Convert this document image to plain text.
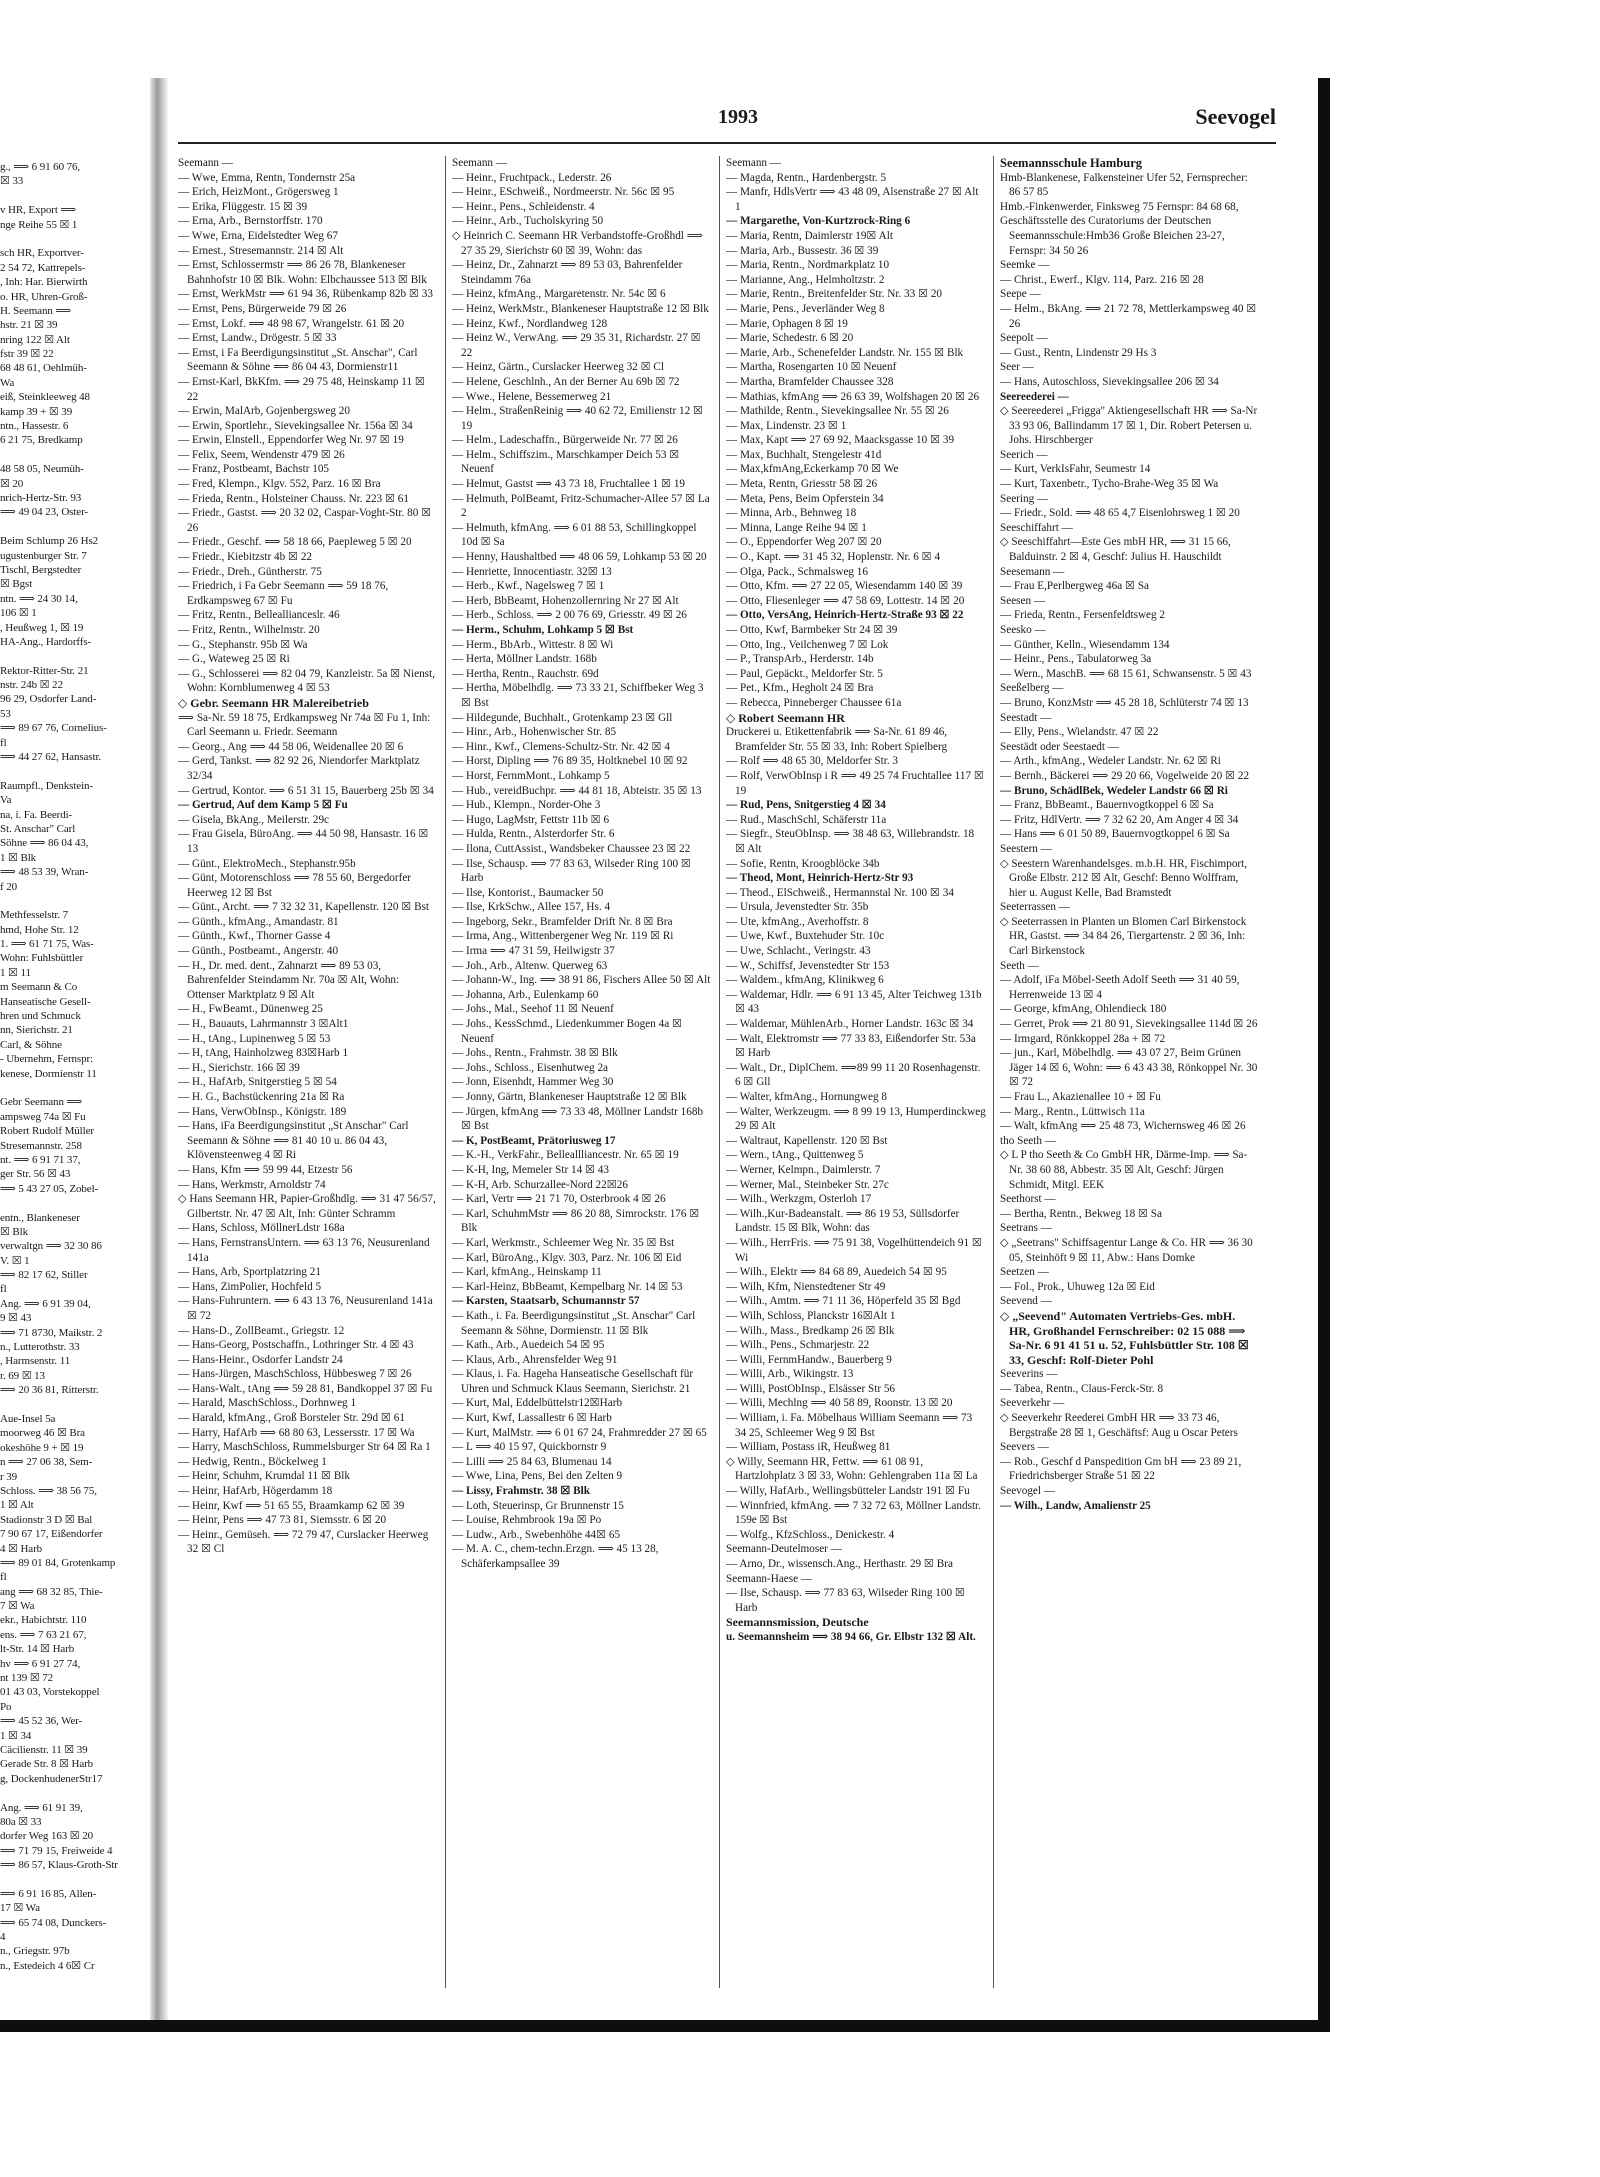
g., ⟹ 6 91 60 76,
☒ 33
v HR, Export ⟹
nge Reihe 55 ☒ 1
sch HR, Exportver-
2 54 72, Kattrepels-
, Inh: Har. Bierwirth
o. HR, Uhren-Groß-
H. Seemann ⟹
hstr. 21 ☒ 39
nring 122 ☒ Alt
fstr 39 ☒ 22
68 48 61, Oehlmüh-
Wa
eiß, Steinkleeweg 48
kamp 39 + ☒ 39
ntn., Hassestr. 6
6 21 75, Bredkamp
48 58 05, Neumüh-
☒ 20
nrich-Hertz-Str. 93
⟹ 49 04 23, Oster-
Beim Schlump 26 Hs2
ugustenburger Str. 7
Tischl, Bergstedter
☒ Bgst
ntn. ⟹ 24 30 14,
106 ☒ 1
, Heußweg 1, ☒ 19
HA-Ang., Hardorffs-
Rektor-Ritter-Str. 21
nstr. 24b ☒ 22
96 29, Osdorfer Land-
53
⟹ 89 67 76, Cornelius-
fl
⟹ 44 27 62, Hansastr.
Raumpfl., Denkstein-
Va
na, i. Fa. Beerdi-
St. Anschar" Carl
Söhne ⟹ 86 04 43,
1 ☒ Blk
⟹ 48 53 39, Wran-
f 20
Methfesselstr. 7
hmd, Hohe Str. 12
1. ⟹ 61 71 75, Was-
Wohn: Fuhlsbüttler
1 ☒ 11
m Seemann & Co
Hanseatische Gesell-
hren und Schmuck
nn, Sierichstr. 21
Carl, & Söhne
- Ubernehm, Fernspr:
kenese, Dormienstr 11
Gebr Seemann ⟹
ampsweg 74a ☒ Fu
Robert Rudolf Müller
Stresemannstr. 258
nt. ⟹ 6 91 71 37,
ger Str. 56 ☒ 43
⟹ 5 43 27 05, Zobel-
entn., Blankeneser
☒ Blk
verwaltgn ⟹ 32 30 86
V. ☒ 1
⟹ 82 17 62, Stiller
fl
Ang. ⟹ 6 91 39 04,
9 ☒ 43
⟹ 71 8730, Maikstr. 2
n., Lutterothstr. 33
, Harmsenstr. 11
r. 69 ☒ 13
⟹ 20 36 81, Ritterstr.
Aue-Insel 5a
moorweg 46 ☒ Bra
okeshöhe 9 + ☒ 19
n ⟹ 27 06 38, Sem-
r 39
Schloss. ⟹ 38 56 75,
1 ☒ Alt
Stadionstr 3 D ☒ Bal
7 90 67 17, Eißendorfer
4 ☒ Harb
⟹ 89 01 84, Grotenkamp
fl
ang ⟹ 68 32 85, Thie-
7 ☒ Wa
ekr., Habichtstr. 110
ens. ⟹ 7 63 21 67,
lt-Str. 14 ☒ Harb
hv ⟹ 6 91 27 74,
nt 139 ☒ 72
01 43 03, Vorstekoppel
Po
⟹ 45 52 36, Wer-
1 ☒ 34
Cäcilienstr. 11 ☒ 39
Gerade Str. 8 ☒ Harb
g, DockenhudenerStr17
Ang. ⟹ 61 91 39,
80a ☒ 33
dorfer Weg 163 ☒ 20
⟹ 71 79 15, Freiweide 4
⟹ 86 57, Klaus-Groth-Str
⟹ 6 91 16 85, Allen-
17 ☒ Wa
⟹ 65 74 08, Dunckers-
4
n., Griegstr. 97b
n., Estedeich 4 6☒ Cr
1993	Seevogel
Seemann —
— Wwe, Emma, Rentn, Tondernstr 25a
— Erich, HeizMont., Grögersweg 1
— Erika, Flüggestr. 15 ☒ 39
— Erna, Arb., Bernstorffstr. 170
— Wwe, Erna, Eidelstedter Weg 67
— Ernest., Stresemannstr. 214 ☒ Alt
— Ernst, Schlossermstr ⟹ 86 26 78, Blankeneser Bahnhofstr 10 ☒ Blk. Wohn: Elbchaussee 513 ☒ Blk
— Ernst, WerkMstr ⟹ 61 94 36, Rübenkamp 82b ☒ 33
— Ernst, Pens, Bürgerweide 79 ☒ 26
— Ernst, Lokf. ⟹ 48 98 67, Wrangelstr. 61 ☒ 20
— Ernst, Landw., Drögestr. 5 ☒ 33
— Ernst, i Fa Beerdigungsinstitut „St. Anschar", Carl Seemann & Söhne ⟹ 86 04 43, Dormienstr11
— Ernst-Karl, BkKfm. ⟹ 29 75 48, Heinskamp 11 ☒ 22
— Erwin, MalArb, Gojenbergsweg 20
— Erwin, Sportlehr., Sievekingsallee Nr. 156a ☒ 34
— Erwin, Elnstell., Eppendorfer Weg Nr. 97 ☒ 19
— Felix, Seem, Wendenstr 479 ☒ 26
— Franz, Postbeamt, Bachstr 105
— Fred, Klempn., Klgv. 552, Parz. 16 ☒ Bra
— Frieda, Rentn., Holsteiner Chauss. Nr. 223 ☒ 61
— Friedr., Gastst. ⟹ 20 32 02, Caspar-Voght-Str. 80 ☒ 26
— Friedr., Geschf. ⟹ 58 18 66, Paepleweg 5 ☒ 20
— Friedr., Kiebitzstr 4b ☒ 22
— Friedr., Dreh., Güntherstr. 75
— Friedrich, i Fa Gebr Seemann ⟹ 59 18 76, Erdkampsweg 67 ☒ Fu
— Fritz, Rentn., Belleallianceslr. 46
— Fritz, Rentn., Wilhelmstr. 20
— G., Stephanstr. 95b ☒ Wa
— G., Wateweg 25 ☒ Ri
— G., Schlosserei ⟹ 82 04 79, Kanzleistr. 5a ☒ Nienst, Wohn: Kornblumenweg 4 ☒ 53
◇ Gebr. Seemann HR Malereibetrieb
⟹ Sa-Nr. 59 18 75, Erdkampsweg Nr 74a ☒ Fu 1, Inh: Carl Seemann u. Friedr. Seemann
— Georg., Ang ⟹ 44 58 06, Weidenallee 20 ☒ 6
— Gerd, Tankst. ⟹ 82 92 26, Niendorfer Marktplatz 32/34
— Gertrud, Kontor. ⟹ 6 51 31 15, Bauerberg 25b ☒ 34
— Gertrud, Auf dem Kamp 5 ☒ Fu
— Gisela, BkAng., Meilerstr. 29c
— Frau Gisela, BüroAng. ⟹ 44 50 98, Hansastr. 16 ☒ 13
— Günt., ElektroMech., Stephanstr.95b
— Günt, Motorenschloss ⟹ 78 55 60, Bergedorfer Heerweg 12 ☒ Bst
— Günt., Archt. ⟹ 7 32 32 31, Kapellenstr. 120 ☒ Bst
— Günth., kfmAng., Amandastr. 81
— Günth., Kwf., Thorner Gasse 4
— Günth., Postbeamt., Angerstr. 40
— H., Dr. med. dent., Zahnarzt ⟹ 89 53 03, Bahrenfelder Steindamm Nr. 70a ☒ Alt, Wohn: Ottenser Marktplatz 9 ☒ Alt
— H., FwBeamt., Dünenweg 25
— H., Bauauts, Lahrmannstr 3 ☒Alt1
— H., tAng., Lupinenweg 5 ☒ 53
— H, tAng, Hainholzweg 83☒Harb 1
— H., Sierichstr. 166 ☒ 39
— H., HafArb, Snitgerstieg 5 ☒ 54
— H. G., Bachstückenring 21a ☒ Ra
— Hans, VerwObInsp., Königstr. 189
— Hans, iFa Beerdigungsinstitut „St Anschar" Carl Seemann & Söhne ⟹ 81 40 10 u. 86 04 43, Klövensteenweg 4 ☒ Ri
— Hans, Kfm ⟹ 59 99 44, Etzestr 56
— Hans, Werkmstr, Arnoldstr 74
◇ Hans Seemann HR, Papier-Großhdlg. ⟹ 31 47 56/57, Gilbertstr. Nr. 47 ☒ Alt, Inh: Günter Schramm
— Hans, Schloss, MöllnerLdstr 168a
— Hans, FernstransUntern. ⟹ 63 13 76, Neusurenland 141a
— Hans, Arb, Sportplatzring 21
— Hans, ZimPolier, Hochfeld 5
— Hans-Fuhruntern. ⟹ 6 43 13 76, Neusurenland 141a ☒ 72
— Hans-D., ZollBeamt., Griegstr. 12
— Hans-Georg, Postschaffn., Lothringer Str. 4 ☒ 43
— Hans-Heinr., Osdorfer Landstr 24
— Hans-Jürgen, MaschSchloss, Hübbesweg 7 ☒ 26
— Hans-Walt., tAng ⟹ 59 28 81, Bandkoppel 37 ☒ Fu
— Harald, MaschSchloss., Dorhnweg 1
— Harald, kfmAng., Groß Borsteler Str. 29d ☒ 61
— Harry, HafArb ⟹ 68 80 63, Lessersstr. 17 ☒ Wa
— Harry, MaschSchloss, Rummelsburger Str 64 ☒ Ra 1
— Hedwig, Rentn., Böckelweg 1
— Heinr, Schuhm, Krumdal 11 ☒ Blk
— Heinr, HafArb, Högerdamm 18
— Heinr, Kwf ⟹ 51 65 55, Braamkamp 62 ☒ 39
— Heinr, Pens ⟹ 47 73 81, Siemsstr. 6 ☒ 20
— Heinr., Gemüseh. ⟹ 72 79 47, Curslacker Heerweg 32 ☒ Cl
Seemann —
— Heinr., Fruchtpack., Lederstr. 26
— Heinr., ESchweiß., Nordmeerstr. Nr. 56c ☒ 95
— Heinr., Pens., Schleidenstr. 4
— Heinr., Arb., Tucholskyring 50
◇ Heinrich C. Seemann HR Verbandstoffe-Großhdl ⟹ 27 35 29, Sierichstr 60 ☒ 39, Wohn: das
— Heinz, Dr., Zahnarzt ⟹ 89 53 03, Bahrenfelder Steindamm 76a
— Heinz, kfmAng., Margaretenstr. Nr. 54c ☒ 6
— Heinz, WerkMstr., Blankeneser Hauptstraße 12 ☒ Blk
— Heinz, Kwf., Nordlandweg 128
— Heinz W., VerwAng. ⟹ 29 35 31, Richardstr. 27 ☒ 22
— Heinz, Gärtn., Curslacker Heerweg 32 ☒ Cl
— Helene, Geschlnh., An der Berner Au 69b ☒ 72
— Wwe., Helene, Bessemerweg 21
— Helm., StraßenReinig ⟹ 40 62 72, Emilienstr 12 ☒ 19
— Helm., Ladeschaffn., Bürgerweide Nr. 77 ☒ 26
— Helm., Schiffszim., Marschkamper Deich 53 ☒ Neuenf
— Helmut, Gastst ⟹ 43 73 18, Fruchtallee 1 ☒ 19
— Helmuth, PolBeamt, Fritz-Schumacher-Allee 57 ☒ La 2
— Helmuth, kfmAng. ⟹ 6 01 88 53, Schillingkoppel 10d ☒ Sa
— Henny, Haushaltbed ⟹ 48 06 59, Lohkamp 53 ☒ 20
— Henriette, Innocentiastr. 32☒ 13
— Herb., Kwf., Nagelsweg 7 ☒ 1
— Herb, BbBeamt, Hohenzollernring Nr 27 ☒ Alt
— Herb., Schloss. ⟹ 2 00 76 69, Griesstr. 49 ☒ 26
— Herm., Schuhm, Lohkamp 5 ☒ Bst
— Herm., BbArb., Wittestr. 8 ☒ Wi
— Herta, Möllner Landstr. 168b
— Hertha, Rentn., Rauchstr. 69d
— Hertha, Möbelhdlg. ⟹ 73 33 21, Schiffbeker Weg 3 ☒ Bst
— Hildegunde, Buchhalt., Grotenkamp 23 ☒ Gll
— Hinr., Arb., Hohenwischer Str. 85
— Hinr., Kwf., Clemens-Schultz-Str. Nr. 42 ☒ 4
— Horst, Dipling ⟹ 76 89 35, Holtknebel 10 ☒ 92
— Horst, FernmMont., Lohkamp 5
— Hub., vereidBuchpr. ⟹ 44 81 18, Abteistr. 35 ☒ 13
— Hub., Klempn., Norder-Ohe 3
— Hugo, LagMstr, Fettstr 11b ☒ 6
— Hulda, Rentn., Alsterdorfer Str. 6
— Ilona, CuttAssist., Wandsbeker Chaussee 23 ☒ 22
— Ilse, Schausp. ⟹ 77 83 63, Wilseder Ring 100 ☒ Harb
— Ilse, Kontorist., Baumacker 50
— Ilse, KrkSchw., Allee 157, Hs. 4
— Ingeborg, Sekr., Bramfelder Drift Nr. 8 ☒ Bra
— Irma, Ang., Wittenbergener Weg Nr. 119 ☒ Ri
— Irma ⟹ 47 31 59, Heilwigstr 37
— Joh., Arb., Altenw. Querweg 63
— Johann-W., Ing. ⟹ 38 91 86, Fischers Allee 50 ☒ Alt
— Johanna, Arb., Eulenkamp 60
— Johs., Mal., Seehof 11 ☒ Neuenf
— Johs., KessSchmd., Liedenkummer Bogen 4a ☒ Neuenf
— Johs., Rentn., Frahmstr. 38 ☒ Blk
— Johs., Schloss., Eisenhutweg 2a
— Jonn, Eisenhdt, Hammer Weg 30
— Jonny, Gärtn, Blankeneser Hauptstraße 12 ☒ Blk
— Jürgen, kfmAng ⟹ 73 33 48, Möllner Landstr 168b ☒ Bst
— K, PostBeamt, Prätoriusweg 17
— K.-H., VerkFahr., Belleallliancestr. Nr. 65 ☒ 19
— K-H, Ing, Memeler Str 14 ☒ 43
— K-H, Arb. Schurzallee-Nord 22☒26
— Karl, Vertr ⟹ 21 71 70, Osterbrook 4 ☒ 26
— Karl, SchuhmMstr ⟹ 86 20 88, Simrockstr. 176 ☒ Blk
— Karl, Werkmstr., Schleemer Weg Nr. 35 ☒ Bst
— Karl, BüroAng., Klgv. 303, Parz. Nr. 106 ☒ Eid
— Karl, kfmAng., Heinskamp 11
— Karl-Heinz, BbBeamt, Kempelbarg Nr. 14 ☒ 53
— Karsten, Staatsarb, Schumannstr 57
— Kath., i. Fa. Beerdigungsinstitut „St. Anschar" Carl Seemann & Söhne, Dormienstr. 11 ☒ Blk
— Kath., Arb., Auedeich 54 ☒ 95
— Klaus, Arb., Ahrensfelder Weg 91
— Klaus, i. Fa. Hageha Hanseatische Gesellschaft für Uhren und Schmuck Klaus Seemann, Sierichstr. 21
— Kurt, Mal, Eddelbüttelstr12☒Harb
— Kurt, Kwf, Lassallestr 6 ☒ Harb
— Kurt, MalMstr. ⟹ 6 01 67 24, Frahmredder 27 ☒ 65
— L ⟹ 40 15 97, Quickbornstr 9
— Lilli ⟹ 25 84 63, Blumenau 14
— Wwe, Lina, Pens, Bei den Zelten 9
— Lissy, Frahmstr. 38 ☒ Blk
— Loth, Steuerinsp, Gr Brunnenstr 15
— Louise, Rehmbrook 19a ☒ Po
— Ludw., Arb., Swebenhöhe 44☒ 65
— M. A. C., chem-techn.Erzgn. ⟹ 45 13 28, Schäferkampsallee 39
Seemann —
— Magda, Rentn., Hardenbergstr. 5
— Manfr, HdlsVertr ⟹ 43 48 09, Alsenstraße 27 ☒ Alt 1
— Margarethe, Von-Kurtzrock-Ring 6
— Maria, Rentn, Daimlerstr 19☒ Alt
— Maria, Arb., Bussestr. 36 ☒ 39
— Maria, Rentn., Nordmarkplatz 10
— Marianne, Ang., Helmholtzstr. 2
— Marie, Rentn., Breitenfelder Str. Nr. 33 ☒ 20
— Marie, Pens., Jeverländer Weg 8
— Marie, Ophagen 8 ☒ 19
— Marie, Schedestr. 6 ☒ 20
— Marie, Arb., Schenefelder Landstr. Nr. 155 ☒ Blk
— Martha, Rosengarten 10 ☒ Neuenf
— Martha, Bramfelder Chaussee 328
— Mathias, kfmAng ⟹ 26 63 39, Wolfshagen 20 ☒ 26
— Mathilde, Rentn., Sievekingsallee Nr. 55 ☒ 26
— Max, Lindenstr. 23 ☒ 1
— Max, Kapt ⟹ 27 69 92, Maacksgasse 10 ☒ 39
— Max, Buchhalt, Stengelestr 41d
— Max,kfmAng,Eckerkamp 70 ☒ We
— Meta, Rentn, Griesstr 58 ☒ 26
— Meta, Pens, Beim Opferstein 34
— Minna, Arb., Behnweg 18
— Minna, Lange Reihe 94 ☒ 1
— O., Eppendorfer Weg 207 ☒ 20
— O., Kapt. ⟹ 31 45 32, Hoplenstr. Nr. 6 ☒ 4
— Olga, Pack., Schmalsweg 16
— Otto, Kfm. ⟹ 27 22 05, Wiesendamm 140 ☒ 39
— Otto, Fliesenleger ⟹ 47 58 69, Lottestr. 14 ☒ 20
— Otto, VersAng, Heinrich-Hertz-Straße 93 ☒ 22
— Otto, Kwf, Barmbeker Str 24 ☒ 39
— Otto, Ing., Veilchenweg 7 ☒ Lok
— P., TranspArb., Herderstr. 14b
— Paul, Gepäckt., Meldorfer Str. 5
— Pet., Kfm., Hegholt 24 ☒ Bra
— Rebecca, Pinneberger Chaussee 61a
◇ Robert Seemann HR
Druckerei u. Etikettenfabrik ⟹ Sa-Nr. 61 89 46, Bramfelder Str. 55 ☒ 33, Inh: Robert Spielberg
— Rolf ⟹ 48 65 30, Meldorfer Str. 3
— Rolf, VerwObInsp i R ⟹ 49 25 74 Fruchtallee 117 ☒ 19
— Rud, Pens, Snitgerstieg 4 ☒ 34
— Rud., MaschSchl, Schäferstr 11a
— Siegfr., SteuObInsp. ⟹ 38 48 63, Willebrandstr. 18 ☒ Alt
— Sofie, Rentn, Kroogblöcke 34b
— Theod, Mont, Heinrich-Hertz-Str 93
— Theod., ElSchweiß., Hermannstal Nr. 100 ☒ 34
— Ursula, Jevenstedter Str. 35b
— Ute, kfmAng., Averhoffstr. 8
— Uwe, Kwf., Buxtehuder Str. 10c
— Uwe, Schlacht., Veringstr. 43
— W., Schiffsf, Jevenstedter Str 153
— Waldem., kfmAng, Klinikweg 6
— Waldemar, Hdlr. ⟹ 6 91 13 45, Alter Teichweg 131b ☒ 43
— Waldemar, MühlenArb., Horner Landstr. 163c ☒ 34
— Walt, Elektromstr ⟹ 77 33 83, Eißendorfer Str. 53a ☒ Harb
— Walt., Dr., DiplChem. ⟹89 99 11 20 Rosenhagenstr. 6 ☒ Gll
— Walter, kfmAng., Hornungweg 8
— Walter, Werkzeugm. ⟹ 8 99 19 13, Humperdinckweg 29 ☒ Alt
— Waltraut, Kapellenstr. 120 ☒ Bst
— Wern., tAng., Quittenweg 5
— Werner, Kelmpn., Daimlerstr. 7
— Werner, Mal., Steinbeker Str. 27c
— Wilh., Werkzgm, Osterloh 17
— Wilh.,Kur-Badeanstalt. ⟹ 86 19 53, Süllsdorfer Landstr. 15 ☒ Blk, Wohn: das
— Wilh., HerrFris. ⟹ 75 91 38, Vogelhüttendeich 91 ☒ Wi
— Wilh., Elektr ⟹ 84 68 89, Auedeich 54 ☒ 95
— Wilh, Kfm, Nienstedtener Str 49
— Wilh., Amtm. ⟹ 71 11 36, Höperfeld 35 ☒ Bgd
— Wilh, Schloss, Planckstr 16☒Alt 1
— Wilh., Mass., Bredkamp 26 ☒ Blk
— Wilh., Pens., Schmarjestr. 22
— Willi, FernmHandw., Bauerberg 9
— Willi, Arb., Wikingstr. 13
— Willi, PostObInsp., Elsässer Str 56
— Willi, Mechlng ⟹ 40 58 89, Roonstr. 13 ☒ 20
— William, i. Fa. Möbelhaus William Seemann ⟹ 73 34 25, Schleemer Weg 9 ☒ Bst
— William, Postass iR, Heußweg 81
◇ Willy, Seemann HR, Fettw. ⟹ 61 08 91, Hartzlohplatz 3 ☒ 33, Wohn: Gehlengraben 11a ☒ La
— Willy, HafArb., Wellingsbütteler Landstr 191 ☒ Fu
— Winnfried, kfmAng. ⟹ 7 32 72 63, Möllner Landstr. 159e ☒ Bst
— Wolfg., KfzSchloss., Denickestr. 4
Seemann-Deutelmoser —
— Arno, Dr., wissensch.Ang., Herthastr. 29 ☒ Bra
Seemann-Haese —
— Ilse, Schausp. ⟹ 77 83 63, Wilseder Ring 100 ☒ Harb
Seemannsmission, Deutsche
u. Seemannsheim ⟹ 38 94 66, Gr. Elbstr 132 ☒ Alt.
Seemannsschule Hamburg
Hmb-Blankenese, Falkensteiner Ufer 52, Fernsprecher: 86 57 85
Hmb.-Finkenwerder, Finksweg 75 Fernspr: 84 68 68,
Geschäftsstelle des Curatoriums der Deutschen Seemannsschule:Hmb36 Große Bleichen 23-27, Fernspr: 34 50 26
Seemke —
— Christ., Ewerf., Klgv. 114, Parz. 216 ☒ 28
Seepe —
— Helm., BkAng. ⟹ 21 72 78, Mettlerkampsweg 40 ☒ 26
Seepolt —
— Gust., Rentn, Lindenstr 29 Hs 3
Seer —
— Hans, Autoschloss, Sievekingsallee 206 ☒ 34
Seereederei —
◇ Seereederei „Frigga" Aktiengesellschaft HR ⟹ Sa-Nr 33 93 06, Ballindamm 17 ☒ 1, Dir. Robert Petersen u. Johs. Hirschberger
Seerich —
— Kurt, VerkIsFahr, Seumestr 14
— Kurt, Taxenbetr., Tycho-Brahe-Weg 35 ☒ Wa
Seering —
— Friedr., Sold. ⟹ 48 65 4,7 Eisenlohrsweg 1 ☒ 20
Seeschiffahrt —
◇ Seeschiffahrt—Este Ges mbH HR, ⟹ 31 15 66, Balduinstr. 2 ☒ 4, Geschf: Julius H. Hauschildt
Seesemann —
— Frau E,Perlbergweg 46a ☒ Sa
Seesen —
— Frieda, Rentn., Fersenfeldtsweg 2
Seesko —
— Günther, Kelln., Wiesendamm 134
— Heinr., Pens., Tabulatorweg 3a
— Wern., MaschB. ⟹ 68 15 61, Schwansenstr. 5 ☒ 43
Seeßelberg —
— Bruno, KonzMstr ⟹ 45 28 18, Schlüterstr 74 ☒ 13
Seestadt —
— Elly, Pens., Wielandstr. 47 ☒ 22
Seestädt oder Seestaedt —
— Arth., kfmAng., Wedeler Landstr. Nr. 62 ☒ Ri
— Bernh., Bäckerei ⟹ 29 20 66, Vogelweide 20 ☒ 22
— Bruno, SchädlBek, Wedeler Landstr 66 ☒ Ri
— Franz, BbBeamt., Bauernvogtkoppel 6 ☒ Sa
— Fritz, HdlVertr. ⟹ 7 32 62 20, Am Anger 4 ☒ 34
— Hans ⟹ 6 01 50 89, Bauernvogtkoppel 6 ☒ Sa
Seestern —
◇ Seestern Warenhandelsges. m.b.H. HR, Fischimport, Große Elbstr. 212 ☒ Alt, Geschf: Benno Wolffram, hier u. August Kelle, Bad Bramstedt
Seeterrassen —
◇ Seeterrassen in Planten un Blomen Carl Birkenstock HR, Gastst. ⟹ 34 84 26, Tiergartenstr. 2 ☒ 36, Inh: Carl Birkenstock
Seeth —
— Adolf, iFa Möbel-Seeth Adolf Seeth ⟹ 31 40 59, Herrenweide 13 ☒ 4
— George, kfmAng, Ohlendieck 180
— Gerret, Prok ⟹ 21 80 91, Sievekingsallee 114d ☒ 26
— Irmgard, Rönkkoppel 28a + ☒ 72
— jun., Karl, Möbelhdlg. ⟹ 43 07 27, Beim Grünen Jäger 14 ☒ 6, Wohn: ⟹ 6 43 43 38, Rönkoppel Nr. 30 ☒ 72
— Frau L., Akazienallee 10 + ☒ Fu
— Marg., Rentn., Lüttwisch 11a
— Walt, kfmAng ⟹ 25 48 73, Wichernsweg 46 ☒ 26
tho Seeth —
◇ L P tho Seeth & Co GmbH HR, Därme-Imp. ⟹ Sa-Nr. 38 60 88, Abbestr. 35 ☒ Alt, Geschf: Jürgen Schmidt, Mitgl. EEK
Seethorst —
— Bertha, Rentn., Bekweg 18 ☒ Sa
Seetrans —
◇ „Seetrans" Schiffsagentur Lange & Co. HR ⟹ 36 30 05, Steinhöft 9 ☒ 11, Abw.: Hans Domke
Seetzen —
— Fol., Prok., Uhuweg 12a ☒ Eid
Seevend —
◇ „Seevend" Automaten Vertriebs-Ges. mbH. HR, Großhandel Fernschreiber: 02 15 088 ⟹ Sa-Nr. 6 91 41 51 u. 52, Fuhlsbüttler Str. 108 ☒ 33, Geschf: Rolf-Dieter Pohl
Seeverins —
— Tabea, Rentn., Claus-Ferck-Str. 8
Seeverkehr —
◇ Seeverkehr Reederei GmbH HR ⟹ 33 73 46, Bergstraße 28 ☒ 1, Geschäftsf: Aug u Oscar Peters
Seevers —
— Rob., Geschf d Panspedition Gm bH ⟹ 23 89 21, Friedrichsberger Straße 51 ☒ 22
Seevogel —
— Wilh., Landw, Amalienstr 25
